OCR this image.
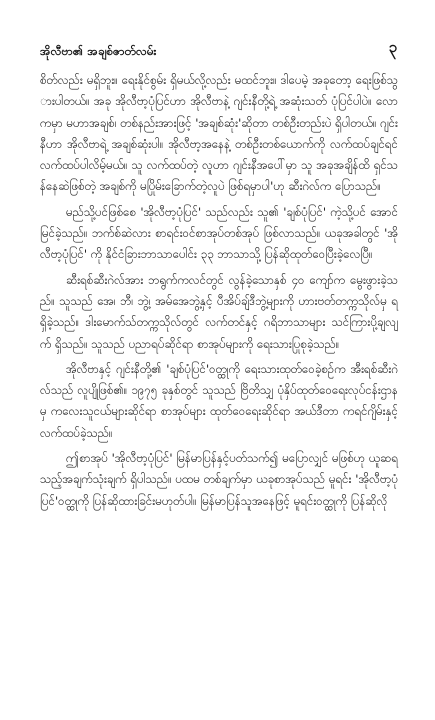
အိုလီဗာ၏ အချစ်ဇာတ်လမ်း	၃

စိတ်လည်း မရှိဘူး။ ရေးနိုင်စွမ်း ရှိမယ်လို့လည်း မထင်ဘူး။ ဒါပေမဲ့ အခုတော့ ရေးဖြစ်သွားပါတယ်။ အခု အိုလီဗာ့ပုံပြင်ဟာ အိုလီဗာနဲ့ ဂျင်းနီတို့ရဲ့ အဆုံးသတ် ပုံပြင်ပါပဲ။ လောကမှာ မဟာအချစ်၊ တစ်နည်းအားဖြင့် 'အချစ်ဆုံး'ဆိုတာ တစ်ဦးတည်းပဲ ရှိပါတယ်။ ဂျင်းနီဟာ အိုလီဗာရဲ့ အချစ်ဆုံးပါ။ အိုလီဗာ့အနေနဲ့ တစ်ဦးတစ်ယောက်ကို လက်ထပ်ချင်ရင် လက်ထပ်ပါလိမ့်မယ်။ သူ လက်ထပ်တဲ့ လူဟာ ဂျင်းနီအပေါ်မှာ သူ အခုအချိန်ထိ ရှင်သန်နေဆဲဖြစ်တဲ့ အချစ်ကို မပြိုမ်းခြောက်တဲ့လူပဲ ဖြစ်ရမှာပါ'ဟု ဆီးဂဲလ်က ပြောသည်။

မည်သို့ပင်ဖြစ်စေ 'အိုလီဗာ့ပုံပြင်' သည်လည်း သူ၏ 'ချစ်ပုံပြင်' ကဲ့သို့ပင် အောင်မြင်ခဲ့သည်။ ဘက်စ်ဆဲလား စာရင်းဝင်စာအုပ်တစ်အုပ် ဖြစ်လာသည်။ ယခုအခါတွင် 'အိုလီဗာ့ပုံပြင်' ကို နိုင်ငံခြားဘာသာပေါင်း ၃၃ ဘာသာသို့ ပြန်ဆိုထုတ်ဝေပြီးခဲ့လေပြီ။

ဆီးရစ်ဆီးဂဲလ်အား ဘရွက်ကလင်တွင် လွန်ခဲ့သောနှစ် ၄၀ ကျော်က မွေးဖွားခဲ့သည်။ သူသည် အေ၊ ဘီ၊ ဘွဲ့၊ အမ်အေဘွဲ့နှင့် ပီအိပ်ချ်ဒီဘွဲ့များကို ဟားဗတ်တက္ကသိုလ်မှ ရရှိခဲ့သည်။ ဒါးမောက်သ်တက္ကသိုလ်တွင် လက်တင်နှင့် ဂရိဘာသာများ သင်ကြားပို့ချလျက် ရှိသည်။ သူသည် ပညာရပ်ဆိုင်ရာ စာအုပ်များကို ရေးသားပြုစုခဲ့သည်။

အိုလီဗာနှင့် ဂျင်းနီတို့၏ 'ချစ်ပုံပြင်'ဝတ္ထုကို ရေးသားထုတ်ဝေခဲ့စဉ်က အီးရစ်ဆီးဂဲလ်သည် လူပျိုဖြစ်၏။ ၁၉၇၅ ခုနှစ်တွင် သူသည် ဗြိတိသျှ ပုံနှိပ်ထုတ်ဝေရေးလုပ်ငန်းဌာနမှ ကလေးသူငယ်များဆိုင်ရာ စာအုပ်များ ထုတ်ဝေရေးဆိုင်ရာ အယ်ဒီတာ ကရင်ဂျိမ်းနှင့် လက်ထပ်ခဲ့သည်။

ဤစာအုပ် 'အိုလီဗာ့ပုံပြင်' မြန်မာပြန်နှင့်ပတ်သက်၍ မပြောလျှင် မဖြစ်ဟု ယူဆရသည့်အချက်သုံးချက် ရှိပါသည်။ ပထမ တစ်ချက်မှာ ယခုစာအုပ်သည် မူရင်း 'အိုလီဗာ့ပုံပြင်'ဝတ္ထုကို ပြန်ဆိုထားခြင်းမဟုတ်ပါ။ မြန်မာပြန်သူအနေဖြင့် မူရင်းဝတ္ထုကို ပြန်ဆိုလို
